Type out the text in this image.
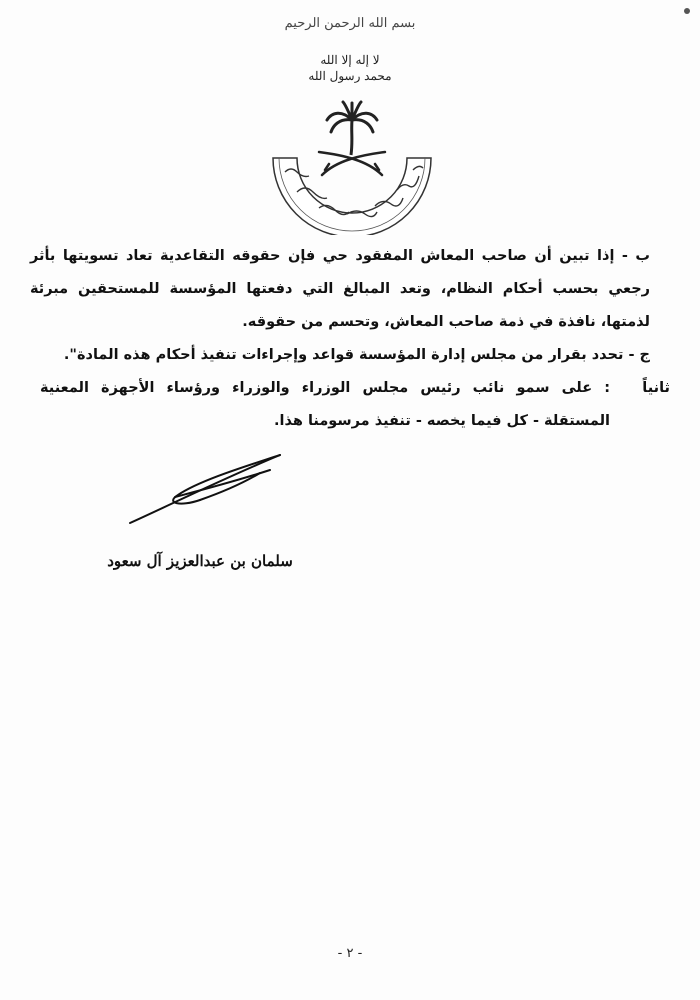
بسم الله الرحمن الرحيم
لا إله إلا الله
محمد رسول الله
ب - إذا تبين أن صاحب المعاش المفقود حي فإن حقوقه التقاعدية تعاد تسويتها بأثر رجعي بحسب أحكام النظام، وتعد المبالغ التي دفعتها المؤسسة للمستحقين مبرئة لذمتها، نافذة في ذمة صاحب المعاش، وتحسم من حقوقه.
ج - تحدد بقرار من مجلس إدارة المؤسسة قواعد وإجراءات تنفيذ أحكام هذه المادة".
ثانياً
: على سمو نائب رئيس مجلس الوزراء والوزراء ورؤساء الأجهزة المعنية المستقلة - كل فيما يخصه - تنفيذ مرسومنا هذا.
سلمان بن عبدالعزيز آل سعود
- ٢ -
